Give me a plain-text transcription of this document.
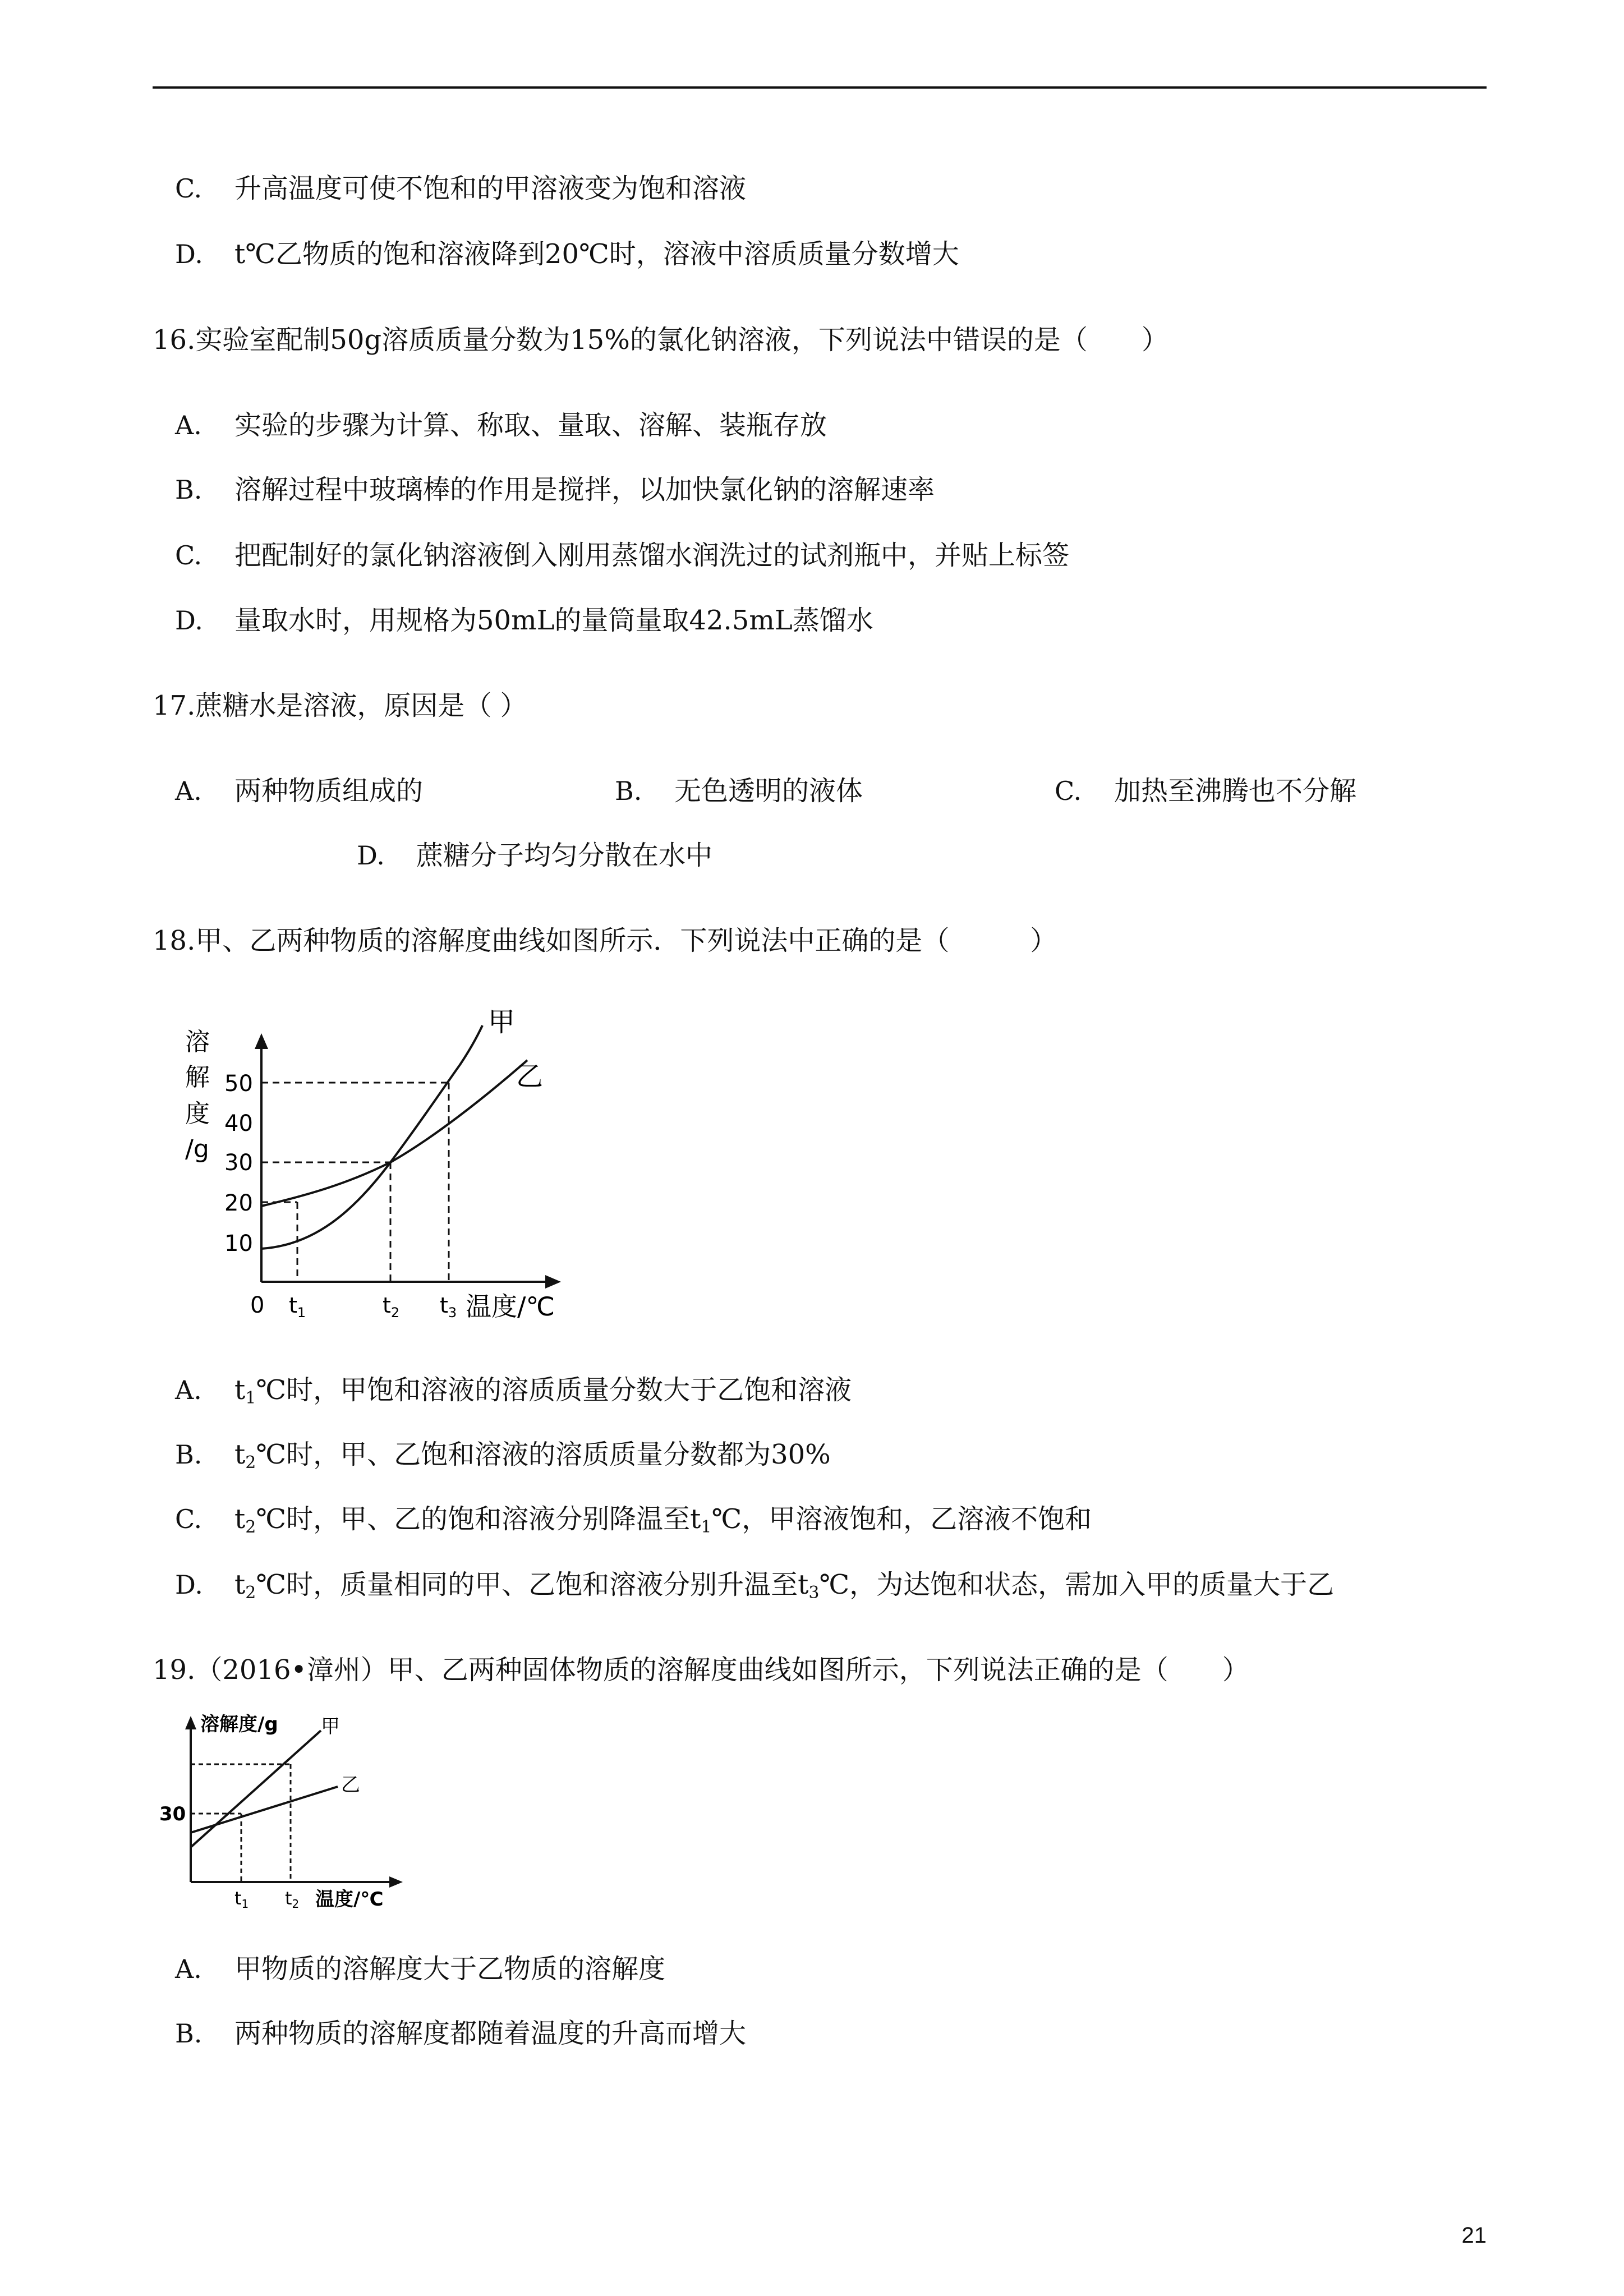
C. 升高温度可使不饱和的甲溶液变为饱和溶液
D. t℃乙物质的饱和溶液降到20℃时，溶液中溶质质量分数增大
16.实验室配制50g溶质质量分数为15%的氯化钠溶液，下列说法中错误的是（　　）
A. 实验的步骤为计算、称取、量取、溶解、装瓶存放
B. 溶解过程中玻璃棒的作用是搅拌，以加快氯化钠的溶解速率
C. 把配制好的氯化钠溶液倒入刚用蒸馏水润洗过的试剂瓶中，并贴上标签
D. 量取水时，用规格为50mL的量筒量取42.5mL蒸馏水
17.蔗糖水是溶液，原因是（ ）
A. 两种物质组成的	B. 无色透明的液体	C. 加热至沸腾也不分解
D. 蔗糖分子均匀分散在水中
18.甲、乙两种物质的溶解度曲线如图所示．下列说法中正确的是（　　　）
溶
解
度
/g
10
20
30
40
50
0 $t_1$	$t_2$ $t_3$ 温度/℃
甲
乙
A. $t_1℃$时，甲饱和溶液的溶质质量分数大于乙饱和溶液
B. $t_2℃$时，甲、乙饱和溶液的溶质质量分数都为30%
C. $t_2℃$时，甲、乙的饱和溶液分别降温至$t_1℃$，甲溶液饱和，乙溶液不饱和
D. $t_2℃$时，质量相同的甲、乙饱和溶液分别升温至$t_3℃$，为达饱和状态，需加入甲的质量大于乙
19.（2016•漳州）甲、乙两种固体物质的溶解度曲线如图所示，下列说法正确的是（　　）
溶解度/g 甲
乙
30
t1 t2 温度/℃
A. 甲物质的溶解度大于乙物质的溶解度
B. 两种物质的溶解度都随着温度的升高而增大
21
